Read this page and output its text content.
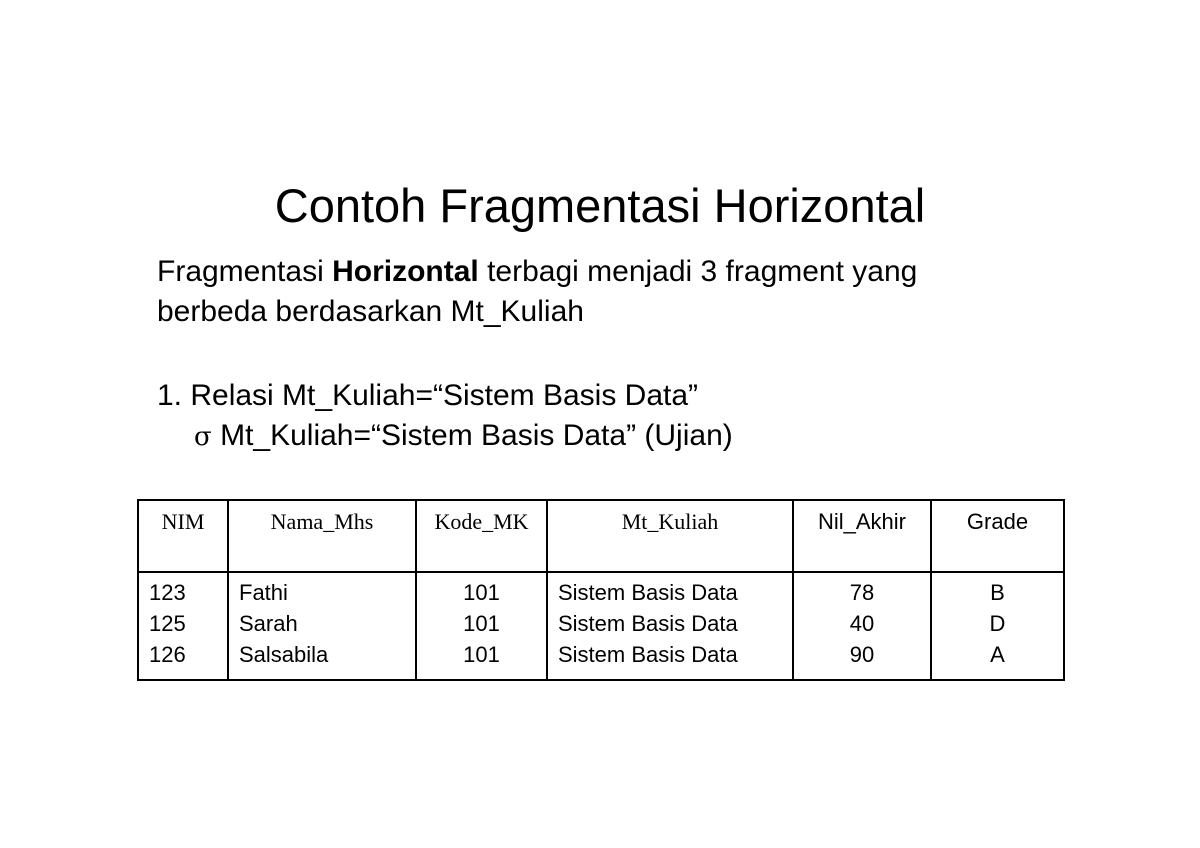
Contoh Fragmentasi Horizontal
Fragmentasi Horizontal terbagi menjadi 3 fragment yang
berbeda berdasarkan Mt_Kuliah
1. Relasi Mt_Kuliah=“Sistem Basis Data”
σ Mt_Kuliah=“Sistem Basis Data” (Ujian)
NIM	Nama_Mhs	Kode_MK	Mt_Kuliah	Nil_Akhir	Grade
123	Fathi	101	Sistem Basis Data	78	B
125	Sarah	101	Sistem Basis Data	40	D
126	Salsabila	101	Sistem Basis Data	90	A
